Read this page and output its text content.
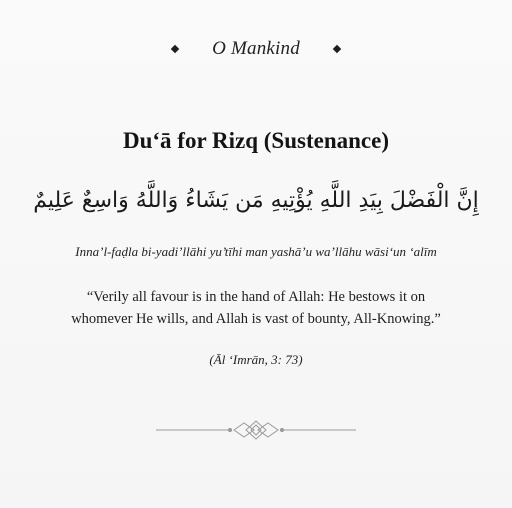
O Mankind
Du‘ā for Rizq (Sustenance)
إِنَّ الْفَضْلَ بِيَدِ اللَّهِ يُؤْتِيهِ مَن يَشَاءُ وَاللَّهُ وَاسِعٌ عَلِيمٌ
Inna’l-faḍla bi-yadi’llāhi yu’tīhi man yashā’u wa’llāhu wāsi‘un ‘alīm
“Verily all favour is in the hand of Allah: He bestows it on whomever He wills, and Allah is vast of bounty, All-Knowing.”
(Āl ‘Imrān, 3: 73)
